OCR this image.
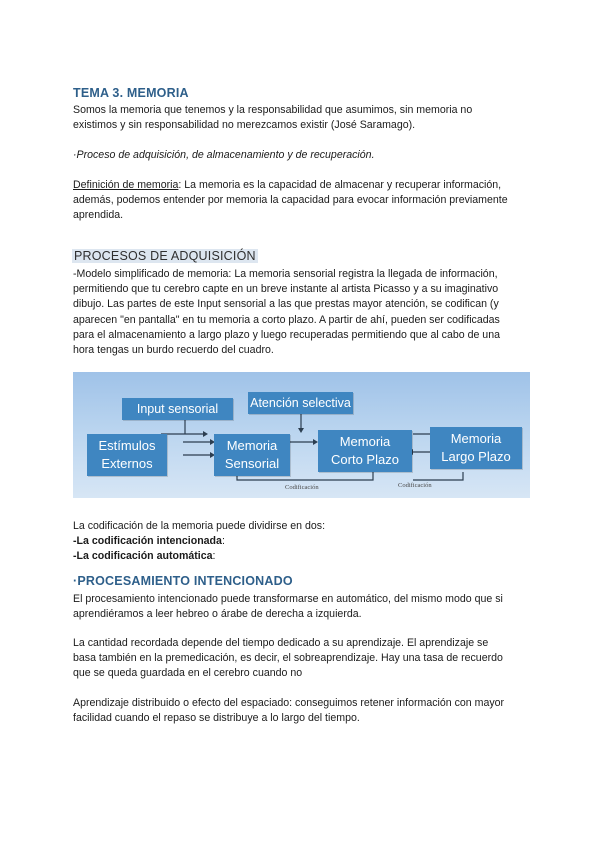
TEMA 3. MEMORIA
Somos la memoria que tenemos y la responsabilidad que asumimos, sin memoria no
existimos y sin responsabilidad no merezcamos existir (José Saramago).
·Proceso de adquisición, de almacenamiento y de recuperación.
Definición de memoria: La memoria es la capacidad de almacenar y recuperar información,
además, podemos entender por memoria la capacidad para evocar información previamente
aprendida.
PROCESOS DE ADQUISICIÓN
-Modelo simplificado de memoria: La memoria sensorial registra la llegada de información,
permitiendo que tu cerebro capte en un breve instante al artista Picasso y a su imaginativo
dibujo. Las partes de este Input sensorial a las que prestas mayor atención, se codifican (y
aparecen "en pantalla" en tu memoria a corto plazo. A partir de ahí, pueden ser codificadas
para el almacenamiento a largo plazo y luego recuperadas permitiendo que al cabo de una
hora tengas un burdo recuerdo del cuadro.
Input sensorial	Atención selectiva
Estímulos
Externos
Memoria
Sensorial
Memoria
Corto Plazo
Memoria
Largo Plazo
Codificación	Codificación
La codificación de la memoria puede dividirse en dos:
-La codificación intencionada:
-La codificación automática:
·PROCESAMIENTO INTENCIONADO
El procesamiento intencionado puede transformarse en automático, del mismo modo que si
aprendiéramos a leer hebreo o árabe de derecha a izquierda.
La cantidad recordada depende del tiempo dedicado a su aprendizaje. El aprendizaje se
basa también en la premedicación, es decir, el sobreaprendizaje. Hay una tasa de recuerdo
que se queda guardada en el cerebro cuando no
Aprendizaje distribuido o efecto del espaciado: conseguimos retener información con mayor
facilidad cuando el repaso se distribuye a lo largo del tiempo.
